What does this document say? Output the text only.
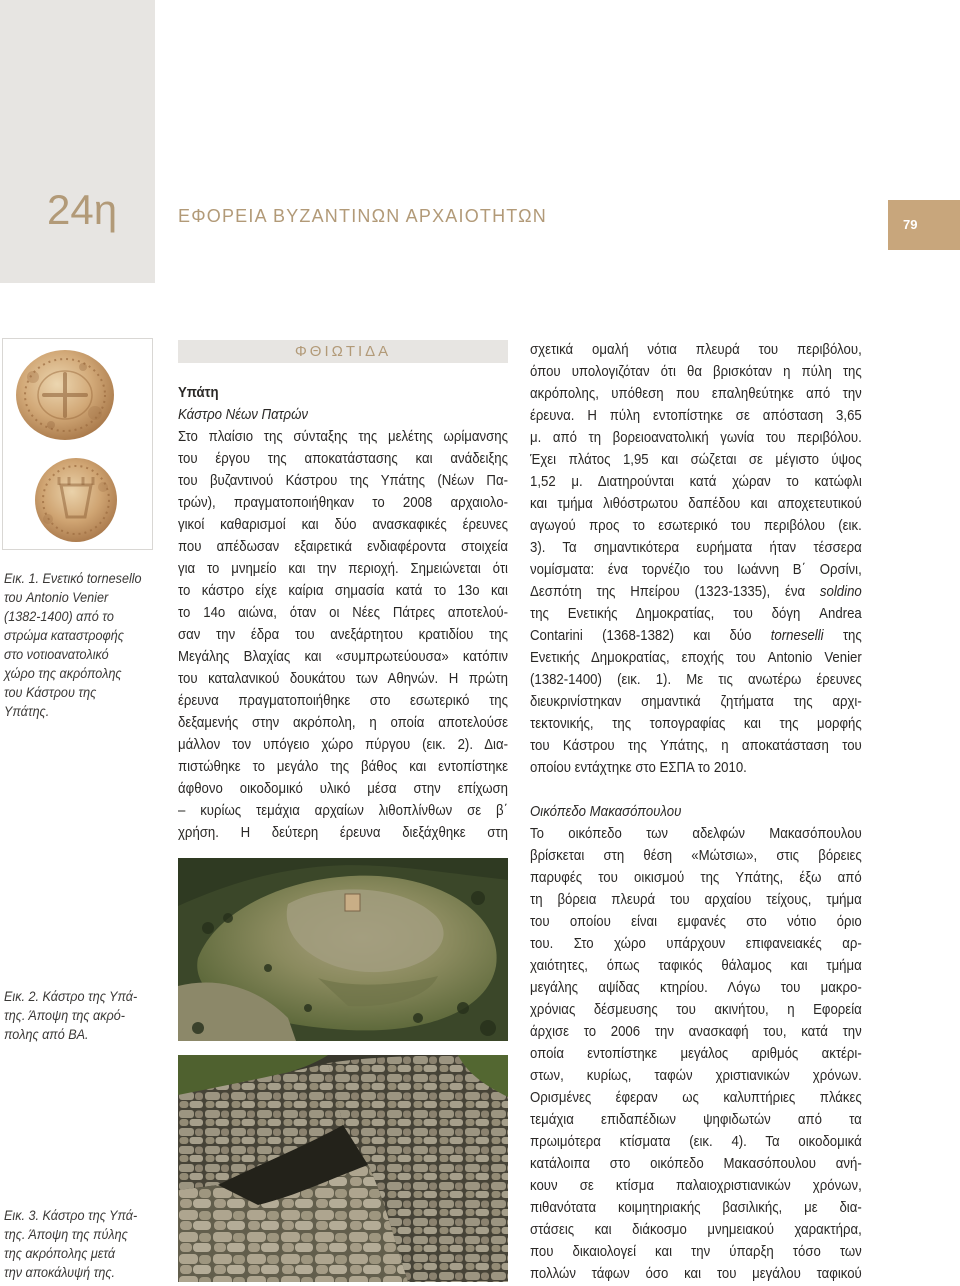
24η	ΕΦΟΡΕΙΑ ΒΥΖΑΝΤΙΝΩΝ ΑΡΧΑΙΟΤΗΤΩΝ	79
Εικ. 1. Ενετικό tornesello
του Antonio Venier
(1382-1400) από το
στρώμα καταστροφής
στο νοτιοανατολικό
χώρο της ακρόπολης
του Κάστρου της
Υπάτης.
Εικ. 2. Κάστρο της Υπά-
της. Άποψη της ακρό-
πολης από ΒΑ.
Εικ. 3. Κάστρο της Υπά-
της. Άποψη της πύλης
της ακρόπολης μετά
την αποκάλυψή της.
ΦΘΙΩΤΙΔΑ
Υπάτη
Κάστρο Νέων Πατρών
Στο πλαίσιο της σύνταξης της μελέτης ωρίμανσης
του έργου της αποκατάστασης και ανάδειξης
του βυζαντινού Κάστρου της Υπάτης (Νέων Πα-
τρών), πραγματοποιήθηκαν το 2008 αρχαιολο-
γικοί καθαρισμοί και δύο ανασκαφικές έρευνες
που απέδωσαν εξαιρετικά ενδιαφέροντα στοιχεία
για το μνημείο και την περιοχή. Σημειώνεται ότι
το κάστρο είχε καίρια σημασία κατά το 13ο και
το 14ο αιώνα, όταν οι Νέες Πάτρες αποτελού-
σαν την έδρα του ανεξάρτητου κρατιδίου της
Μεγάλης Βλαχίας και «συμπρωτεύουσα» κατόπιν
του καταλανικού δουκάτου των Αθηνών. Η πρώτη
έρευνα πραγματοποιήθηκε στο εσωτερικό της
δεξαμενής στην ακρόπολη, η οποία αποτελούσε
μάλλον τον υπόγειο χώρο πύργου (εικ. 2). Δια-
πιστώθηκε το μεγάλο της βάθος και εντοπίστηκε
άφθονο οικοδομικό υλικό μέσα στην επίχωση
– κυρίως τεμάχια αρχαίων λιθοπλίνθων σε β΄
χρήση. Η δεύτερη έρευνα διεξάχθηκε στη
σχετικά ομαλή νότια πλευρά του περιβόλου,
όπου υπολογιζόταν ότι θα βρισκόταν η πύλη της
ακρόπολης, υπόθεση που επαληθεύτηκε από την
έρευνα. Η πύλη εντοπίστηκε σε απόσταση 3,65
μ. από τη βορειοανατολική γωνία του περιβόλου.
Έχει πλάτος 1,95 και σώζεται σε μέγιστο ύψος
1,52 μ. Διατηρούνται κατά χώραν το κατώφλι
και τμήμα λιθόστρωτου δαπέδου και αποχετευτικού
αγωγού προς το εσωτερικό του περιβόλου (εικ.
3). Τα σημαντικότερα ευρήματα ήταν τέσσερα
νομίσματα: ένα τορνέζιο του Ιωάννη Β΄ Ορσίνι,
Δεσπότη της Ηπείρου (1323-1335), ένα soldino
της Ενετικής Δημοκρατίας, του δόγη Andrea
Contarini (1368-1382) και δύο torneselli της
Ενετικής Δημοκρατίας, εποχής του Antonio Venier
(1382-1400) (εικ. 1). Με τις ανωτέρω έρευνες
διευκρινίστηκαν σημαντικά ζητήματα της αρχι-
τεκτονικής, της τοπογραφίας και της μορφής
του Κάστρου της Υπάτης, η αποκατάσταση του
οποίου εντάχτηκε στο ΕΣΠΑ το 2010.
Οικόπεδο Μακασόπουλου
Το οικόπεδο των αδελφών Μακασόπουλου
βρίσκεται στη θέση «Μώτσιω», στις βόρειες
παρυφές του οικισμού της Υπάτης, έξω από
τη βόρεια πλευρά του αρχαίου τείχους, τμήμα
του οποίου είναι εμφανές στο νότιο όριο
του. Στο χώρο υπάρχουν επιφανειακές αρ-
χαιότητες, όπως ταφικός θάλαμος και τμήμα
μεγάλης αψίδας κτηρίου. Λόγω του μακρο-
χρόνιας δέσμευσης του ακινήτου, η Εφορεία
άρχισε το 2006 την ανασκαφή του, κατά την
οποία εντοπίστηκε μεγάλος αριθμός ακτέρι-
στων, κυρίως, ταφών χριστιανικών χρόνων.
Ορισμένες έφεραν ως καλυπτήριες πλάκες
τεμάχια επιδαπέδιων ψηφιδωτών από τα
πρωιμότερα κτίσματα (εικ. 4). Τα οικοδομικά
κατάλοιπα στο οικόπεδο Μακασόπουλου ανή-
κουν σε κτίσμα παλαιοχριστιανικών χρόνων,
πιθανότατα κοιμητηριακής βασιλικής, με δια-
στάσεις και διάκοσμο μνημειακού χαρακτήρα,
που δικαιολογεί και την ύπαρξη τόσο των
πολλών τάφων όσο και του μεγάλου ταφικού
